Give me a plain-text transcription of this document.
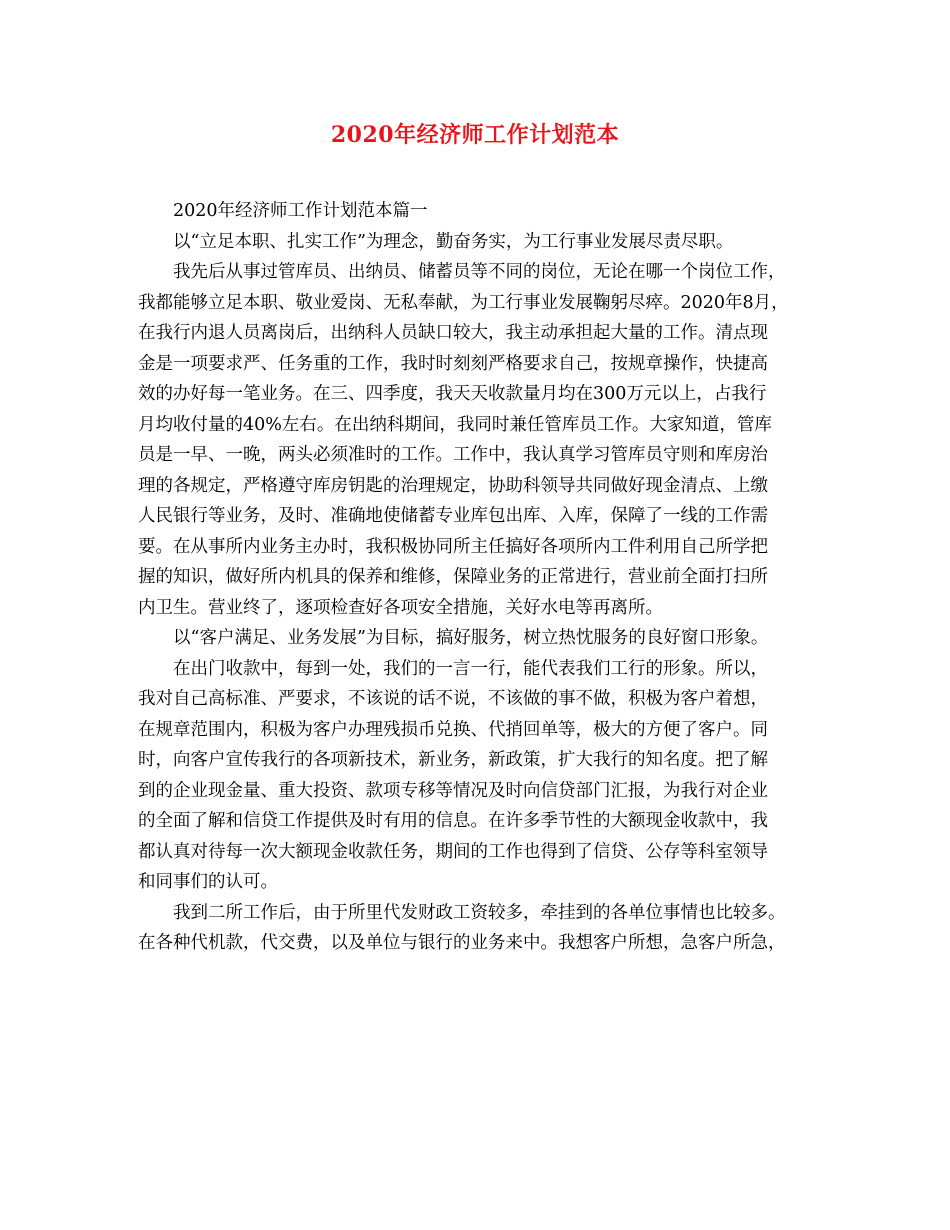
2020年经济师工作计划范本
2020年经济师工作计划范本篇一
以“立足本职、扎实工作”为理念，勤奋务实，为工行事业发展尽责尽职。
我先后从事过管库员、出纳员、储蓄员等不同的岗位，无论在哪一个岗位工作，
我都能够立足本职、敬业爱岗、无私奉献，为工行事业发展鞠躬尽瘁。2020年8月，
在我行内退人员离岗后，出纳科人员缺口较大，我主动承担起大量的工作。清点现
金是一项要求严、任务重的工作，我时时刻刻严格要求自己，按规章操作，快捷高
效的办好每一笔业务。在三、四季度，我天天收款量月均在300万元以上，占我行
月均收付量的40%左右。在出纳科期间，我同时兼任管库员工作。大家知道，管库
员是一早、一晚，两头必须准时的工作。工作中，我认真学习管库员守则和库房治
理的各规定，严格遵守库房钥匙的治理规定，协助科领导共同做好现金清点、上缴
人民银行等业务，及时、准确地使储蓄专业库包出库、入库，保障了一线的工作需
要。在从事所内业务主办时，我积极协同所主任搞好各项所内工件利用自己所学把
握的知识，做好所内机具的保养和维修，保障业务的正常进行，营业前全面打扫所
内卫生。营业终了，逐项检查好各项安全措施，关好水电等再离所。
以“客户满足、业务发展”为目标，搞好服务，树立热忱服务的良好窗口形象。
在出门收款中，每到一处，我们的一言一行，能代表我们工行的形象。所以，
我对自己高标准、严要求，不该说的话不说，不该做的事不做，积极为客户着想，
在规章范围内，积极为客户办理残损币兑换、代捎回单等，极大的方便了客户。同
时，向客户宣传我行的各项新技术，新业务，新政策，扩大我行的知名度。把了解
到的企业现金量、重大投资、款项专移等情况及时向信贷部门汇报，为我行对企业
的全面了解和信贷工作提供及时有用的信息。在许多季节性的大额现金收款中，我
都认真对待每一次大额现金收款任务，期间的工作也得到了信贷、公存等科室领导
和同事们的认可。
我到二所工作后，由于所里代发财政工资较多，牵挂到的各单位事情也比较多。
在各种代机款，代交费，以及单位与银行的业务来中。我想客户所想，急客户所急，
